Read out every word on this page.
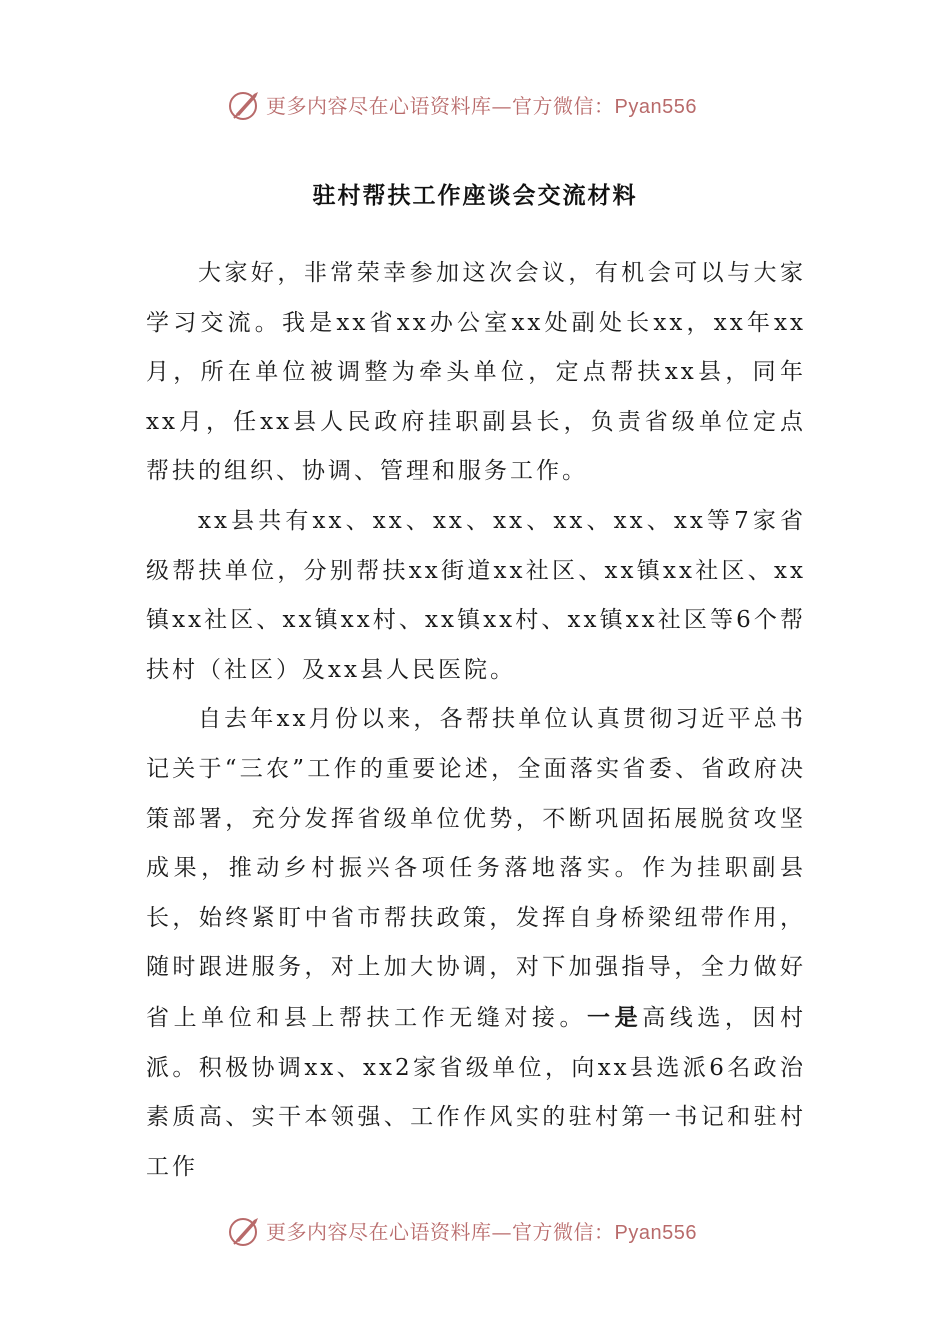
更多内容尽在心语资料库—官方微信：Pyan556
驻村帮扶工作座谈会交流材料

大家好，非常荣幸参加这次会议，有机会可以与大家学习交流。我是xx省xx办公室xx处副处长xx，xx年xx月，所在单位被调整为牵头单位，定点帮扶xx县，同年xx月，任xx县人民政府挂职副县长，负责省级单位定点帮扶的组织、协调、管理和服务工作。

xx县共有xx、xx、xx、xx、xx、xx、xx等7家省级帮扶单位，分别帮扶xx街道xx社区、xx镇xx社区、xx镇xx社区、xx镇xx村、xx镇xx村、xx镇xx社区等6个帮扶村（社区）及xx县人民医院。

自去年xx月份以来，各帮扶单位认真贯彻习近平总书记关于“三农”工作的重要论述，全面落实省委、省政府决策部署，充分发挥省级单位优势，不断巩固拓展脱贫攻坚成果，推动乡村振兴各项任务落地落实。作为挂职副县长，始终紧盯中省市帮扶政策，发挥自身桥梁纽带作用，随时跟进服务，对上加大协调，对下加强指导，全力做好省上单位和县上帮扶工作无缝对接。一是高线选，因村派。积极协调xx、xx2家省级单位，向xx县选派6名政治素质高、实干本领强、工作作风实的驻村第一书记和驻村工作

更多内容尽在心语资料库—官方微信：Pyan556
